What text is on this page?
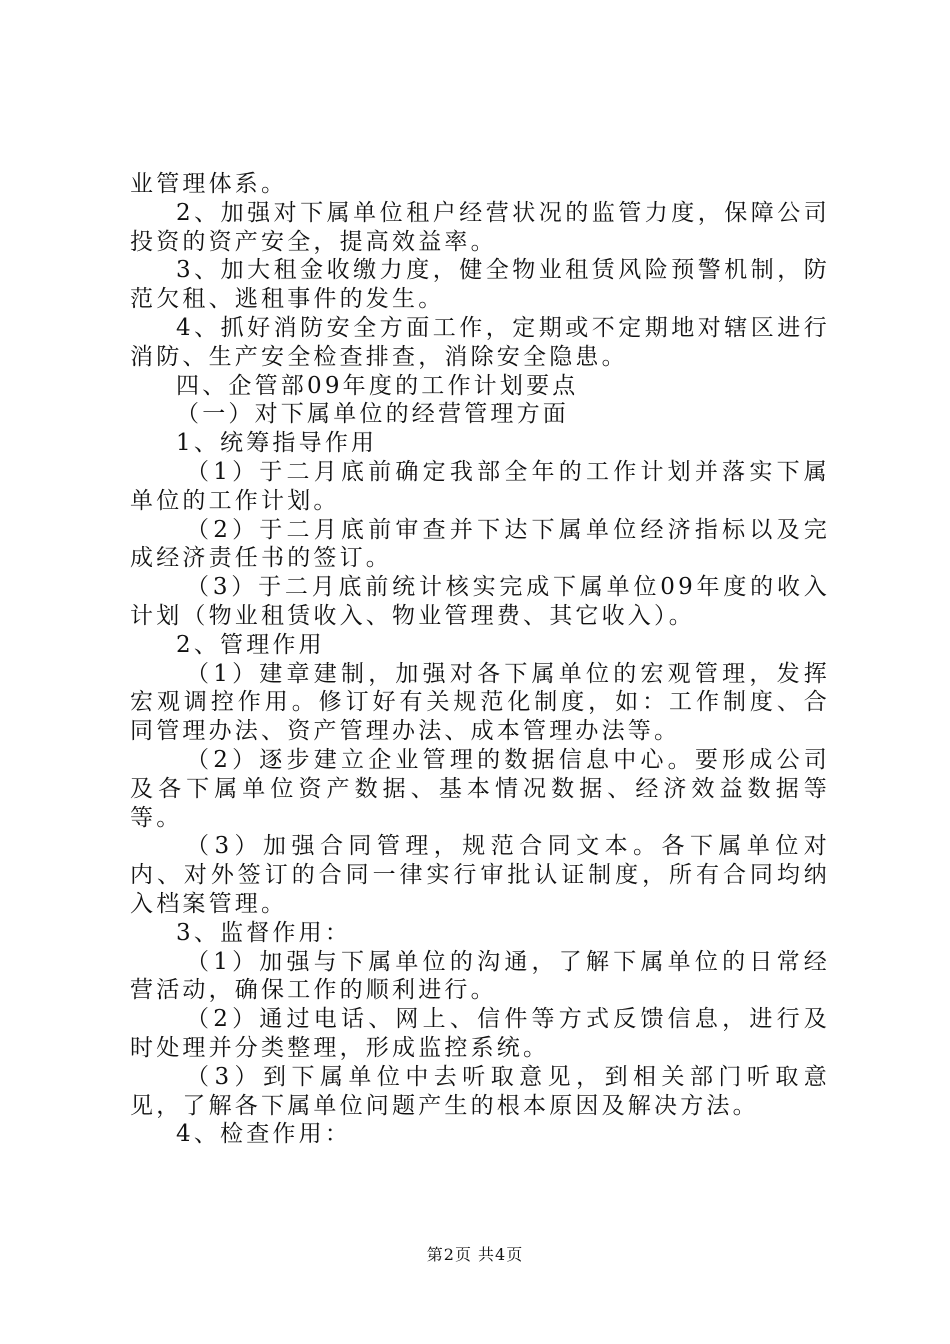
业管理体系。

2、加强对下属单位租户经营状况的监管力度，保障公司投资的资产安全，提高效益率。

3、加大租金收缴力度，健全物业租赁风险预警机制，防范欠租、逃租事件的发生。

4、抓好消防安全方面工作，定期或不定期地对辖区进行消防、生产安全检查排查，消除安全隐患。

四、企管部09年度的工作计划要点

（一）对下属单位的经营管理方面

1、统筹指导作用

（1）于二月底前确定我部全年的工作计划并落实下属单位的工作计划。

（2）于二月底前审查并下达下属单位经济指标以及完成经济责任书的签订。

（3）于二月底前统计核实完成下属单位09年度的收入计划（物业租赁收入、物业管理费、其它收入）。

2、管理作用

（1）建章建制，加强对各下属单位的宏观管理，发挥宏观调控作用。修订好有关规范化制度，如：工作制度、合同管理办法、资产管理办法、成本管理办法等。

（2）逐步建立企业管理的数据信息中心。要形成公司及各下属单位资产数据、基本情况数据、经济效益数据等等。

（3）加强合同管理，规范合同文本。各下属单位对内、对外签订的合同一律实行审批认证制度，所有合同均纳入档案管理。

3、监督作用：

（1）加强与下属单位的沟通，了解下属单位的日常经营活动，确保工作的顺利进行。

（2）通过电话、网上、信件等方式反馈信息，进行及时处理并分类整理，形成监控系统。

（3）到下属单位中去听取意见，到相关部门听取意见，了解各下属单位问题产生的根本原因及解决方法。

4、检查作用：

第2页 共4页
